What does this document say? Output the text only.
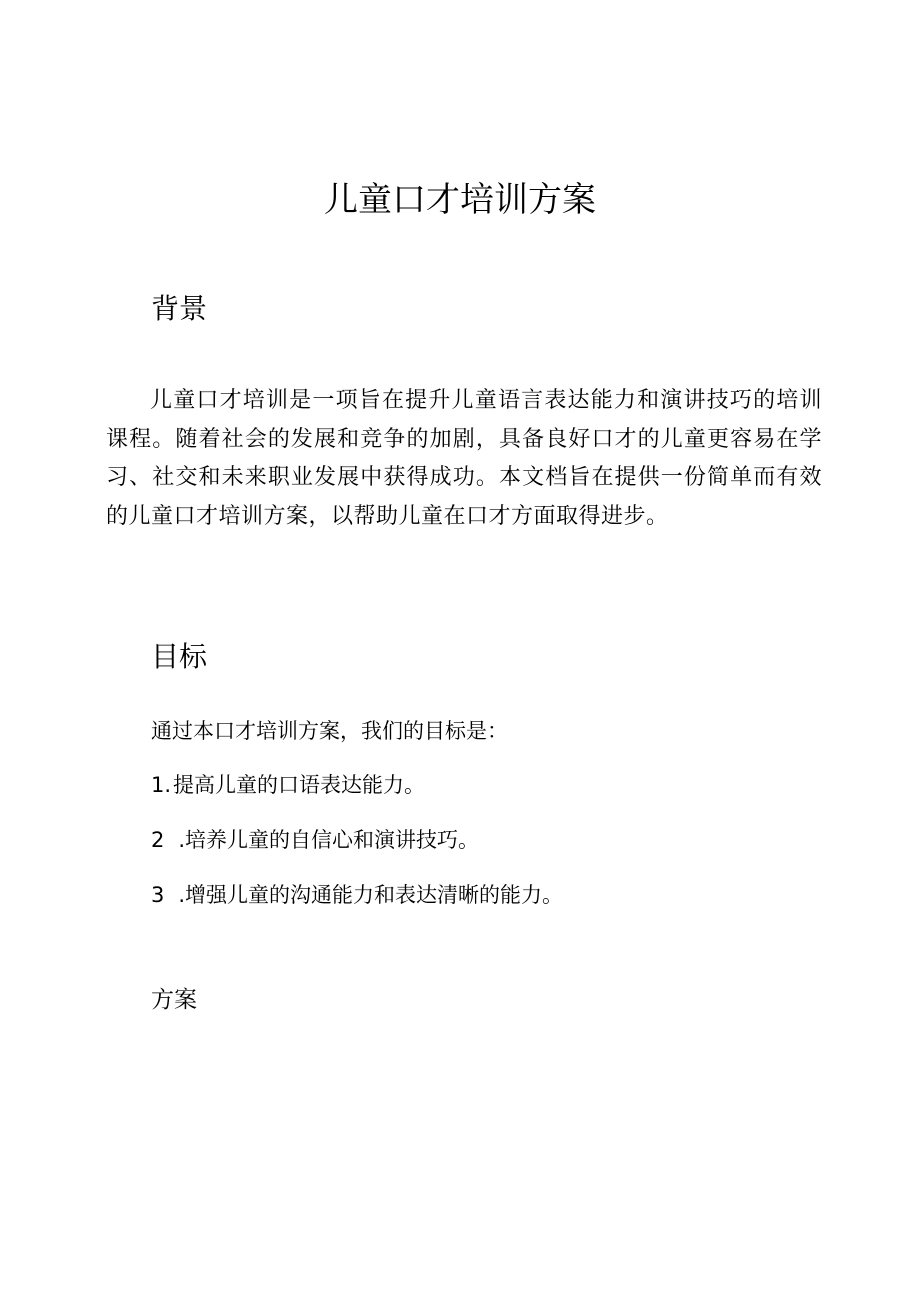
儿童口才培训方案
背景

儿童口才培训是一项旨在提升儿童语言表达能力和演讲技巧的培训课程。随着社会的发展和竞争的加剧，具备良好口才的儿童更容易在学习、社交和未来职业发展中获得成功。本文档旨在提供一份简单而有效的儿童口才培训方案，以帮助儿童在口才方面取得进步。

目标

通过本口才培训方案，我们的目标是：

1.提高儿童的口语表达能力。
2 .培养儿童的自信心和演讲技巧。
3 .增强儿童的沟通能力和表达清晰的能力。
方案
